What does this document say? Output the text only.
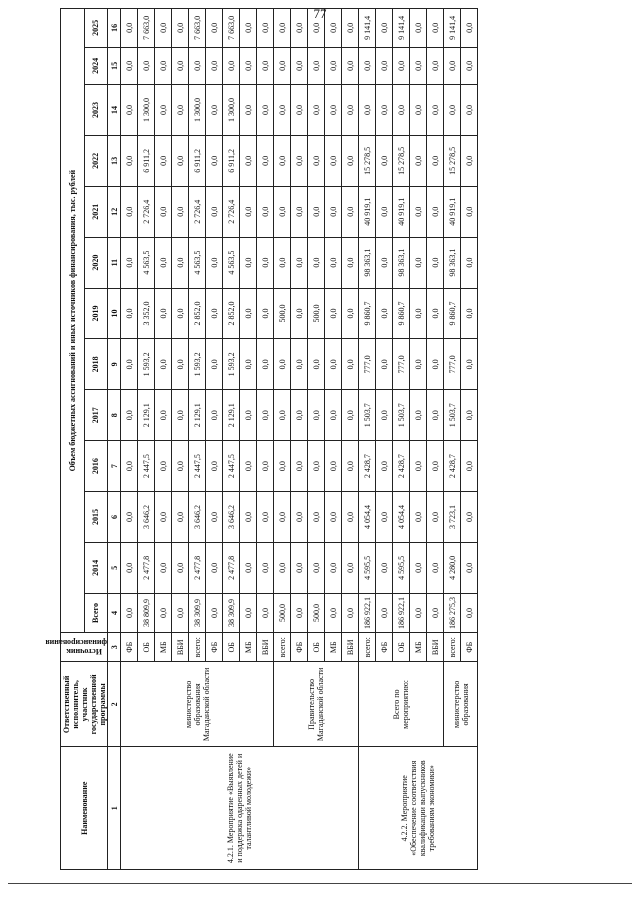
77
Наименование	Ответственный исполнитель, участник государственной программы	Источник финансирования	Объем бюджетных ассигнований и иных источников финансирования, тыс. рублей												
			Всего	2014	2015	2016	2017	2018	2019	2020	2021	2022	2023	2024	2025
1	2	3	4	5	6	7	8	9	10	11	12	13	14	15	16
4.2.1. Мероприятие «Выявление и поддержка одаренных детей и талантливой молодежи»	министерство образования Магаданской области	ФБ	0,0	0,0	0,0	0,0	0,0	0,0	0,0	0,0	0,0	0,0	0,0	0,0	0,0
		ОБ	38 809,9	2 477,8	3 646,2	2 447,5	2 129,1	1 593,2	3 352,0	4 563,5	2 726,4	6 911,2	1 300,0	0,0	7 663,0
		МБ	0,0	0,0	0,0	0,0	0,0	0,0	0,0	0,0	0,0	0,0	0,0	0,0	0,0
		ВБИ	0,0	0,0	0,0	0,0	0,0	0,0	0,0	0,0	0,0	0,0	0,0	0,0	0,0
		всего:	38 309,9	2 477,8	3 646,2	2 447,5	2 129,1	1 593,2	2 852,0	4 563,5	2 726,4	6 911,2	1 300,0	0,0	7 663,0
		ФБ	0,0	0,0	0,0	0,0	0,0	0,0	0,0	0,0	0,0	0,0	0,0	0,0	0,0
		ОБ	38 309,9	2 477,8	3 646,2	2 447,5	2 129,1	1 593,2	2 852,0	4 563,5	2 726,4	6 911,2	1 300,0	0,0	7 663,0
		МБ	0,0	0,0	0,0	0,0	0,0	0,0	0,0	0,0	0,0	0,0	0,0	0,0	0,0
		ВБИ	0,0	0,0	0,0	0,0	0,0	0,0	0,0	0,0	0,0	0,0	0,0	0,0	0,0
	Правительство Магаданской области	всего:	500,0	0,0	0,0	0,0	0,0	0,0	500,0	0,0	0,0	0,0	0,0	0,0	0,0
		ФБ	0,0	0,0	0,0	0,0	0,0	0,0	0,0	0,0	0,0	0,0	0,0	0,0	0,0
		ОБ	500,0	0,0	0,0	0,0	0,0	0,0	500,0	0,0	0,0	0,0	0,0	0,0	0,0
		МБ	0,0	0,0	0,0	0,0	0,0	0,0	0,0	0,0	0,0	0,0	0,0	0,0	0,0
		ВБИ	0,0	0,0	0,0	0,0	0,0	0,0	0,0	0,0	0,0	0,0	0,0	0,0	0,0
4.2.2. Мероприятие «Обеспечение соответствия квалификации выпускников требованиям экономики»	Всего по мероприятию:	всего:	186 922,1	4 595,5	4 054,4	2 428,7	1 503,7	777,0	9 860,7	98 363,1	40 919,1	15 278,5	0,0	0,0	9 141,4
		ФБ	0,0	0,0	0,0	0,0	0,0	0,0	0,0	0,0	0,0	0,0	0,0	0,0	0,0
		ОБ	186 922,1	4 595,5	4 054,4	2 428,7	1 503,7	777,0	9 860,7	98 363,1	40 919,1	15 278,5	0,0	0,0	9 141,4
		МБ	0,0	0,0	0,0	0,0	0,0	0,0	0,0	0,0	0,0	0,0	0,0	0,0	0,0
		ВБИ	0,0	0,0	0,0	0,0	0,0	0,0	0,0	0,0	0,0	0,0	0,0	0,0	0,0
	министерство образования	всего:	186 275,3	4 280,0	3 723,1	2 428,7	1 503,7	777,0	9 860,7	98 363,1	40 919,1	15 278,5	0,0	0,0	9 141,4
		ФБ	0,0	0,0	0,0	0,0	0,0	0,0	0,0	0,0	0,0	0,0	0,0	0,0	0,0
